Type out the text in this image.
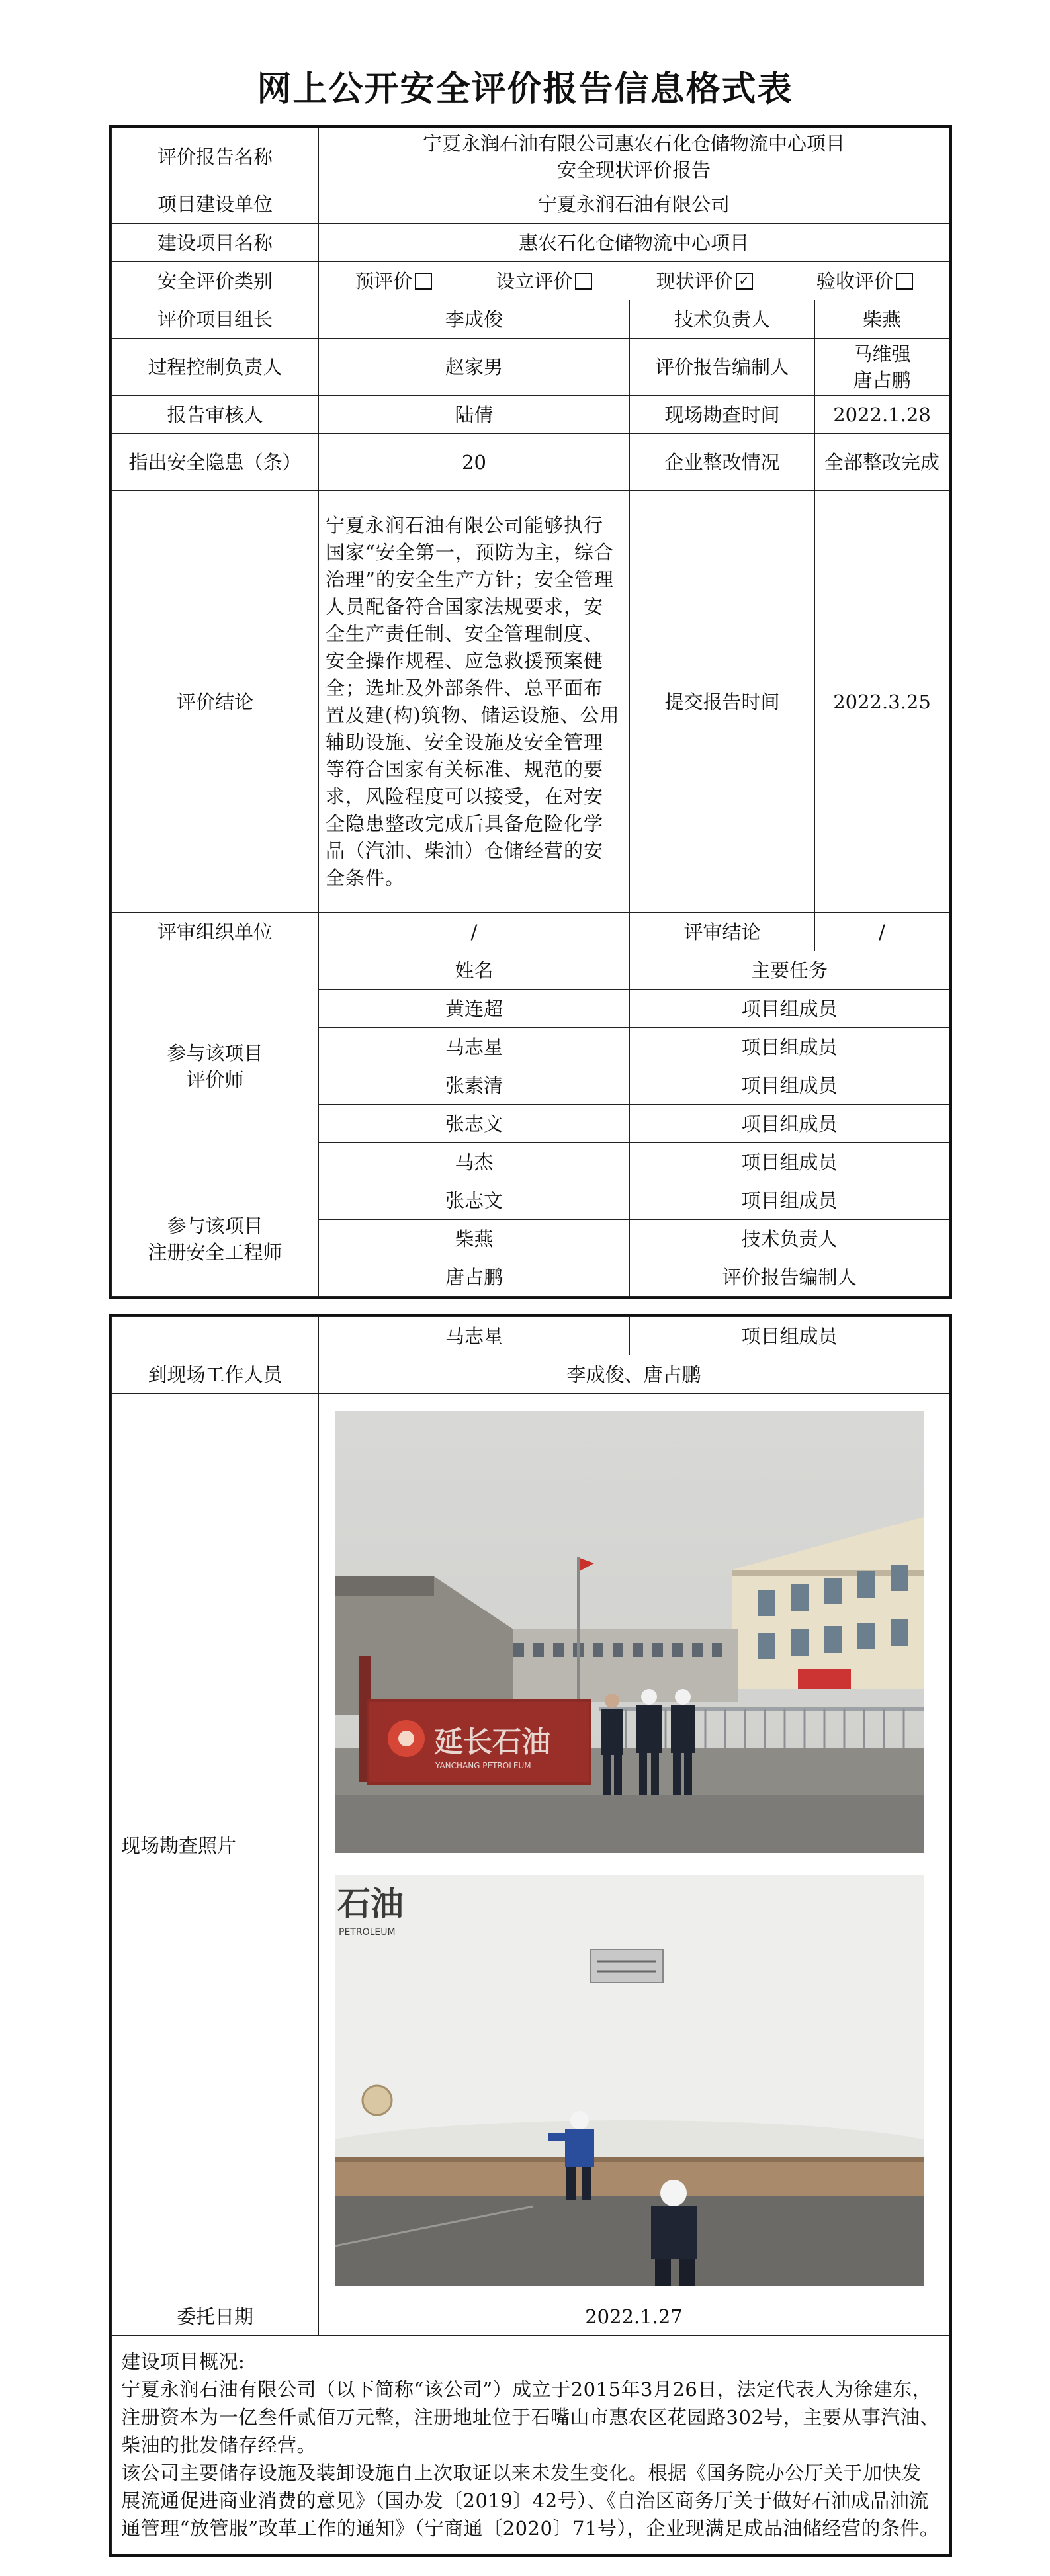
网上公开安全评价报告信息格式表
评价报告名称	宁夏永润石油有限公司惠农石化仓储物流中心项目
安全现状评价报告		

项目建设单位	宁夏永润石油有限公司		
建设项目名称	惠农石化仓储物流中心项目		
安全评价类别	预评价 设立评价 现状评价 ✓ 验收评价		

评价项目组长	李成俊	技术负责人	柴燕
过程控制负责人	赵家男	评价报告编制人	马维强
唐占鹏

报告审核人	陆倩	现场勘查时间	2022.1.28
指出安全隐患（条）	20	企业整改情况	全部整改完成
评价结论	宁夏永润石油有限公司能够执行国家“安全第一，预防为主，综合治理”的安全生产方针；安全管理人员配备符合国家法规要求，安全生产责任制、安全管理制度、安全操作规程、应急救援预案健全；选址及外部条件、总平面布置及建(构)筑物、储运设施、公用辅助设施、安全设施及安全管理等符合国家有关标准、规范的要求，风险程度可以接受，在对安全隐患整改完成后具备危险化学品（汽油、柴油）仓储经营的安全条件。	提交报告时间	2022.3.25
评审组织单位	/	评审结论	/

参与该项目
评价师	姓名	主要任务	
	黄连超	项目组成员	
	马志星	项目组成员	
	张素清	项目组成员	
	张志文	项目组成员	
	马杰	项目组成员	

参与该项目
注册安全工程师	张志文	项目组成员	
	柴燕	技术负责人	
	唐占鹏	评价报告编制人	
	马志星	项目组成员
到现场工作人员	李成俊、唐占鹏	
现场勘查照片	延长石油
YANCHANG PETROLEUM
石油
PETROLEUM	

委托日期	2022.1.27	

建设项目概况:
宁夏永润石油有限公司（以下简称“该公司”）成立于2015年3月26日，法定代表人为徐建东，注册资本为一亿叁仟贰佰万元整，注册地址位于石嘴山市惠农区花园路302号，主要从事汽油、柴油的批发储存经营。
该公司主要储存设施及装卸设施自上次取证以来未发生变化。根据《国务院办公厅关于加快发展流通促进商业消费的意见》（国办发〔2019〕42号）、《自治区商务厅关于做好石油成品油流通管理“放管服”改革工作的通知》（宁商通〔2020〕71号），企业现满足成品油储经营的条件。		
